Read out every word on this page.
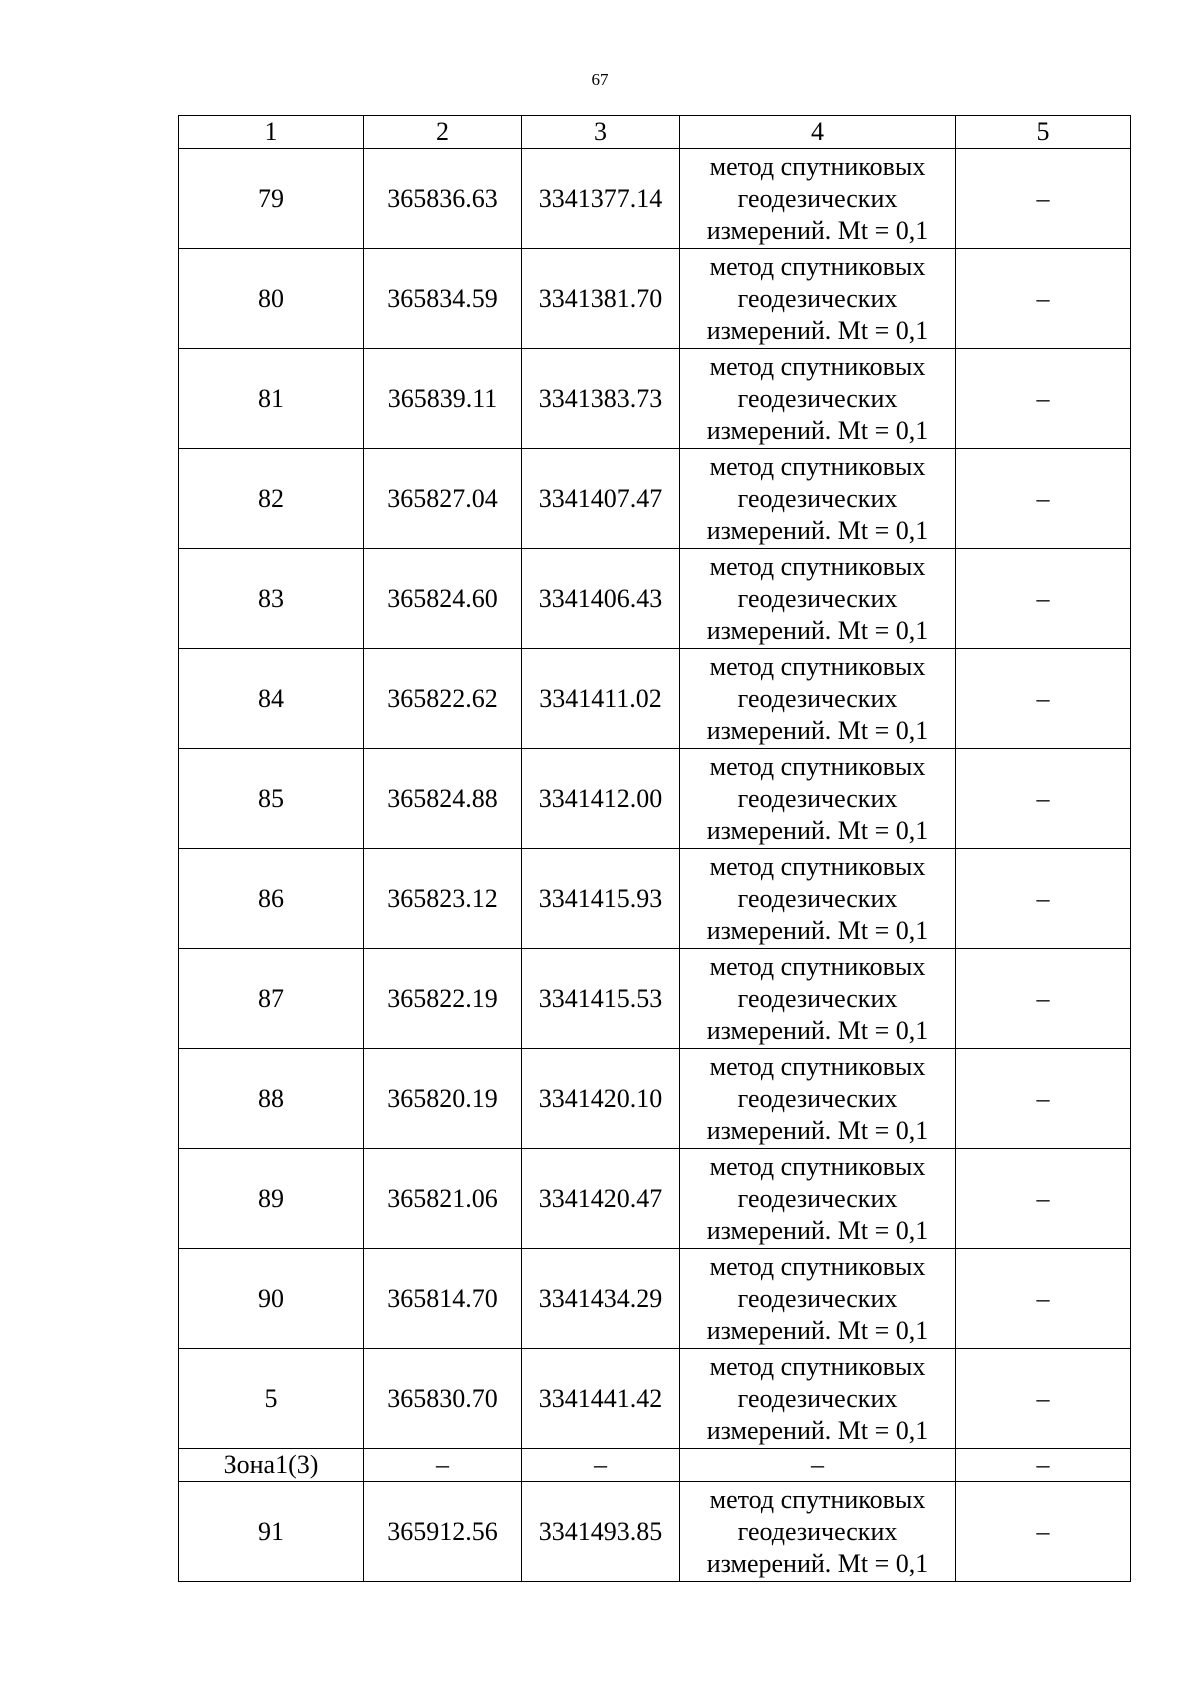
67
1	2	3	4	5
79	365836.63	3341377.14	метод спутниковых
геодезических
измерений. Mt = 0,1	–
80	365834.59	3341381.70	метод спутниковых
геодезических
измерений. Mt = 0,1	–
81	365839.11	3341383.73	метод спутниковых
геодезических
измерений. Mt = 0,1	–
82	365827.04	3341407.47	метод спутниковых
геодезических
измерений. Mt = 0,1	–
83	365824.60	3341406.43	метод спутниковых
геодезических
измерений. Mt = 0,1	–
84	365822.62	3341411.02	метод спутниковых
геодезических
измерений. Mt = 0,1	–
85	365824.88	3341412.00	метод спутниковых
геодезических
измерений. Mt = 0,1	–
86	365823.12	3341415.93	метод спутниковых
геодезических
измерений. Mt = 0,1	–
87	365822.19	3341415.53	метод спутниковых
геодезических
измерений. Mt = 0,1	–
88	365820.19	3341420.10	метод спутниковых
геодезических
измерений. Mt = 0,1	–
89	365821.06	3341420.47	метод спутниковых
геодезических
измерений. Mt = 0,1	–
90	365814.70	3341434.29	метод спутниковых
геодезических
измерений. Mt = 0,1	–
5	365830.70	3341441.42	метод спутниковых
геодезических
измерений. Mt = 0,1	–
Зона1(3)	–	–	–	–
91	365912.56	3341493.85	метод спутниковых
геодезических
измерений. Mt = 0,1	–
